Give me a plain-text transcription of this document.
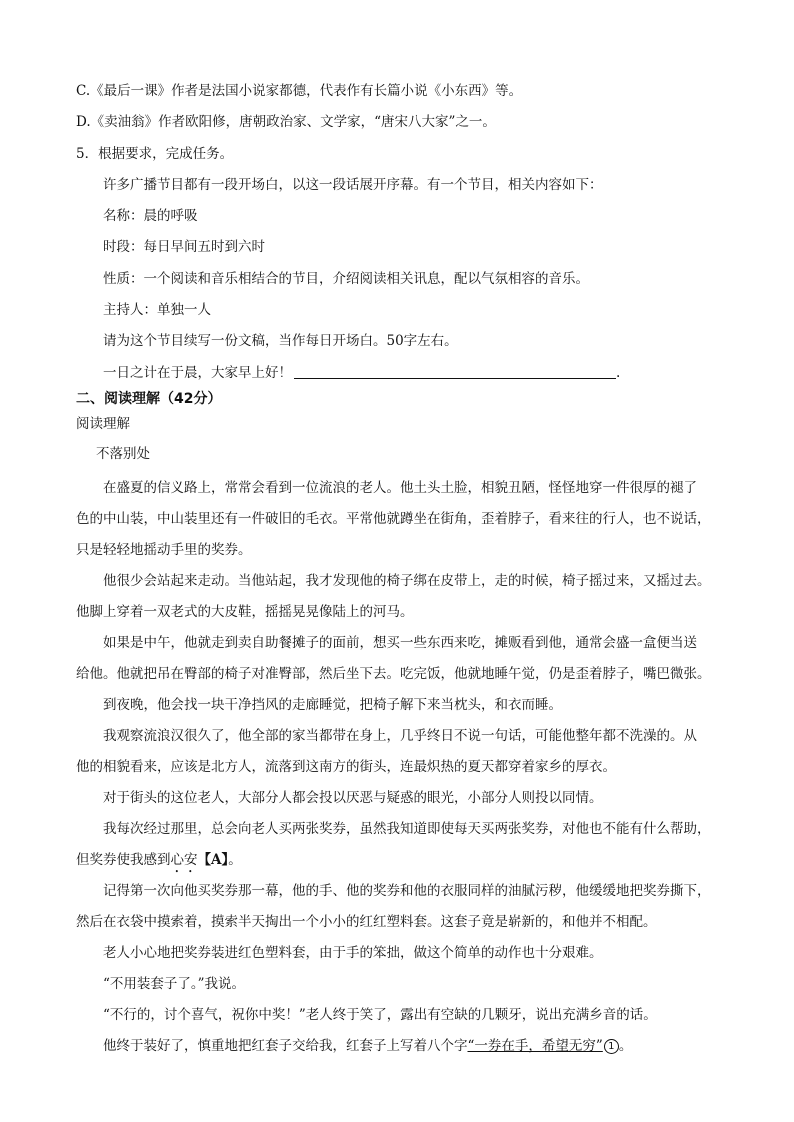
C.《最后一课》作者是法国小说家都德，代表作有长篇小说《小东西》等。
D.《卖油翁》作者欧阳修，唐朝政治家、文学家，“唐宋八大家”之一。
5．根据要求，完成任务。
许多广播节目都有一段开场白，以这一段话展开序幕。有一个节目，相关内容如下：
名称：晨的呼吸
时段：每日早间五时到六时
性质：一个阅读和音乐相结合的节目，介绍阅读相关讯息，配以气氛相容的音乐。
主持人：单独一人
请为这个节目续写一份文稿，当作每日开场白。50字左右。
一日之计在于晨，大家早上好！	.
二、阅读理解（42分）
阅读理解
不落别处
在盛夏的信义路上，常常会看到一位流浪的老人。他土头土脸，相貌丑陋，怪怪地穿一件很厚的褪了
色的中山装，中山装里还有一件破旧的毛衣。平常他就蹲坐在街角，歪着脖子，看来往的行人，也不说话，
只是轻轻地摇动手里的奖券。
他很少会站起来走动。当他站起，我才发现他的椅子绑在皮带上，走的时候，椅子摇过来，又摇过去。
他脚上穿着一双老式的大皮鞋，摇摇晃晃像陆上的河马。
如果是中午，他就走到卖自助餐摊子的面前，想买一些东西来吃，摊贩看到他，通常会盛一盒便当送
给他。他就把吊在臀部的椅子对准臀部，然后坐下去。吃完饭，他就地睡午觉，仍是歪着脖子，嘴巴微张。
到夜晚，他会找一块干净挡风的走廊睡觉，把椅子解下来当枕头，和衣而睡。
我观察流浪汉很久了，他全部的家当都带在身上，几乎终日不说一句话，可能他整年都不洗澡的。从
他的相貌看来，应该是北方人，流落到这南方的街头，连最炽热的夏天都穿着家乡的厚衣。
对于街头的这位老人，大部分人都会投以厌恶与疑惑的眼光，小部分人则投以同情。
我每次经过那里，总会向老人买两张奖券，虽然我知道即使每天买两张奖券，对他也不能有什么帮助，
但奖券使我感到心安【A】。
记得第一次向他买奖券那一幕，他的手、他的奖券和他的衣服同样的油腻污秽，他缓缓地把奖券撕下，
然后在衣袋中摸索着，摸索半天掏出一个小小的红红塑料套。这套子竟是崭新的，和他并不相配。
老人小心地把奖券装进红色塑料套，由于手的笨拙，做这个简单的动作也十分艰难。
“不用装套子了。”我说。
“不行的，讨个喜气，祝你中奖！”老人终于笑了，露出有空缺的几颗牙，说出充满乡音的话。
他终于装好了，慎重地把红套子交给我，红套子上写着八个字“一券在手，希望无穷” 1 。
